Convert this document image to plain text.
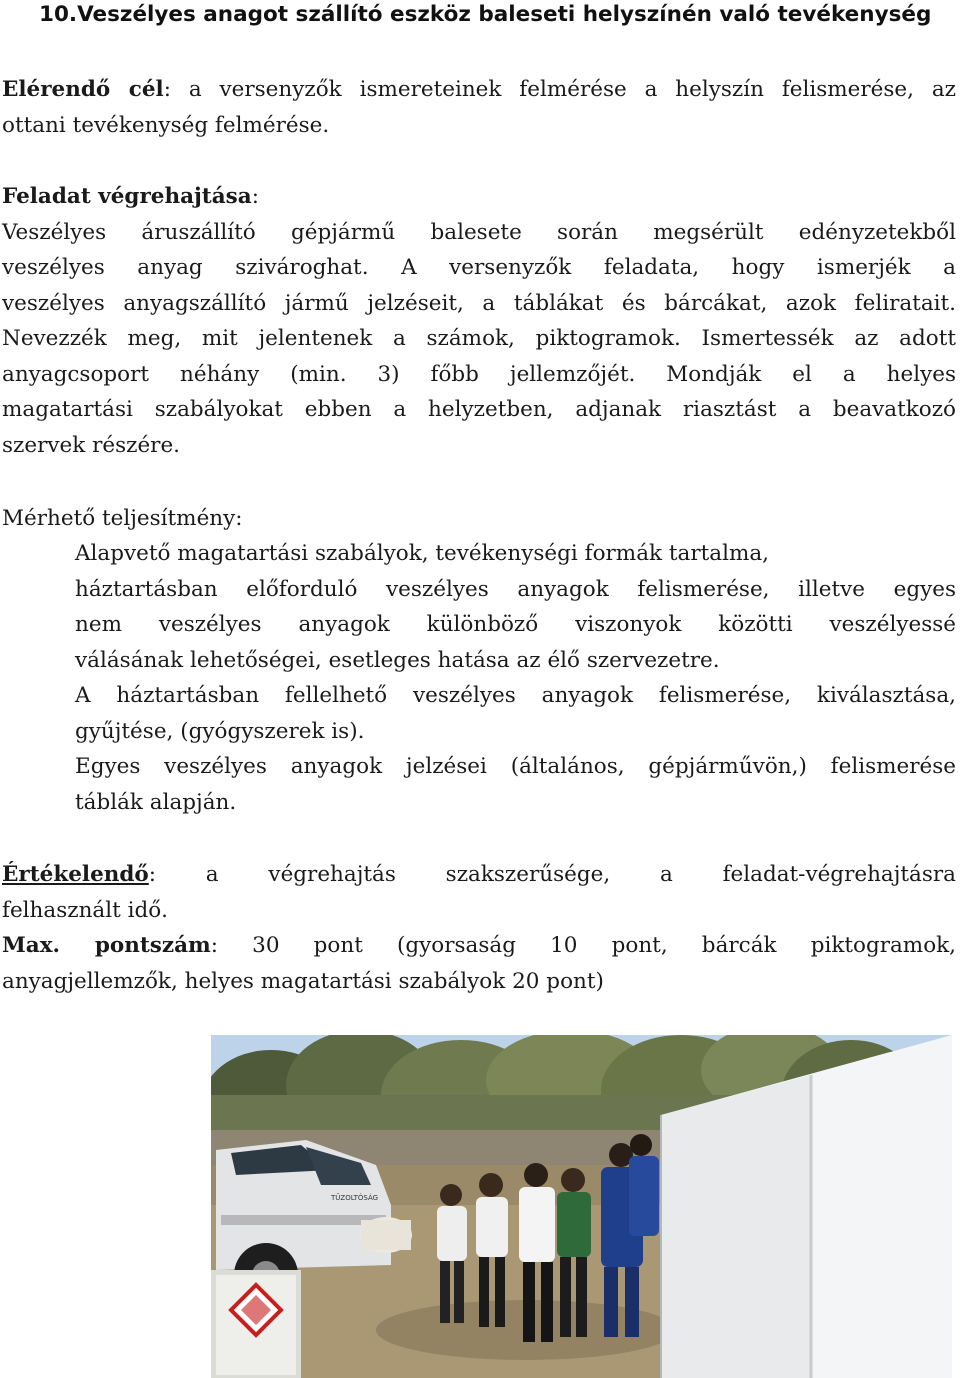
10.Veszélyes anagot szállító eszköz baleseti helyszínén való tevékenység
Elérendő cél: a versenyzők ismereteinek felmérése a helyszín felismerése, az
ottani tevékenység felmérése.
Feladat végrehajtása:
Veszélyes áruszállító gépjármű balesete során megsérült edényzetekből
veszélyes anyag szivároghat. A versenyzők feladata, hogy ismerjék a
veszélyes anyagszállító jármű jelzéseit, a táblákat és bárcákat, azok feliratait.
Nevezzék meg, mit jelentenek a számok, piktogramok. Ismertessék az adott
anyagcsoport néhány (min. 3) főbb jellemzőjét. Mondják el a helyes
magatartási szabályokat ebben a helyzetben, adjanak riasztást a beavatkozó
szervek részére.
Mérhető teljesítmény:
Alapvető magatartási szabályok, tevékenységi formák tartalma,
háztartásban előforduló veszélyes anyagok felismerése, illetve egyes
nem veszélyes anyagok különböző viszonyok közötti veszélyessé
válásának lehetőségei, esetleges hatása az élő szervezetre.
A háztartásban fellelhető veszélyes anyagok felismerése, kiválasztása,
gyűjtése, (gyógyszerek is).
Egyes veszélyes anyagok jelzései (általános, gépjárművön,) felismerése
táblák alapján.
Értékelendő: a végrehajtás szakszerűsége, a feladat-végrehajtásra
felhasznált idő.
Max. pontszám: 30 pont (gyorsaság 10 pont, bárcák piktogramok,
anyagjellemzők, helyes magatartási szabályok 20 pont)
TŰZOLTÓSÁG
